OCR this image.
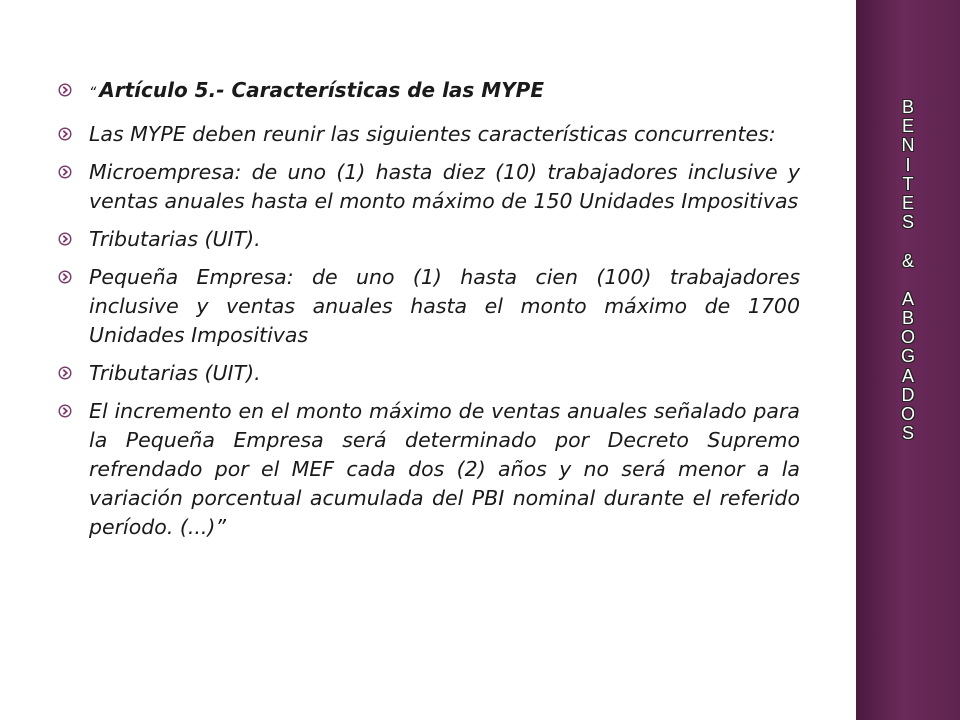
“ Artículo 5.- Características de las MYPE
Las MYPE deben reunir las siguientes características concurrentes:
Microempresa: de uno (1) hasta diez (10) trabajadores inclusive y ventas anuales hasta el monto máximo de 150 Unidades Impositivas
Tributarias (UIT).
Pequeña Empresa: de uno (1) hasta cien (100) trabajadores inclusive y ventas anuales hasta el monto máximo de 1700 Unidades Impositivas
Tributarias (UIT).
El incremento en el monto máximo de ventas anuales señalado para la Pequeña Empresa será determinado por Decreto Supremo refrendado por el MEF cada dos (2) años y no será menor a la variación porcentual acumulada del PBI nominal durante el referido período. (...)”
B
E
N
I
T
E
S
&
A
B
O
G
A
D
O
S
